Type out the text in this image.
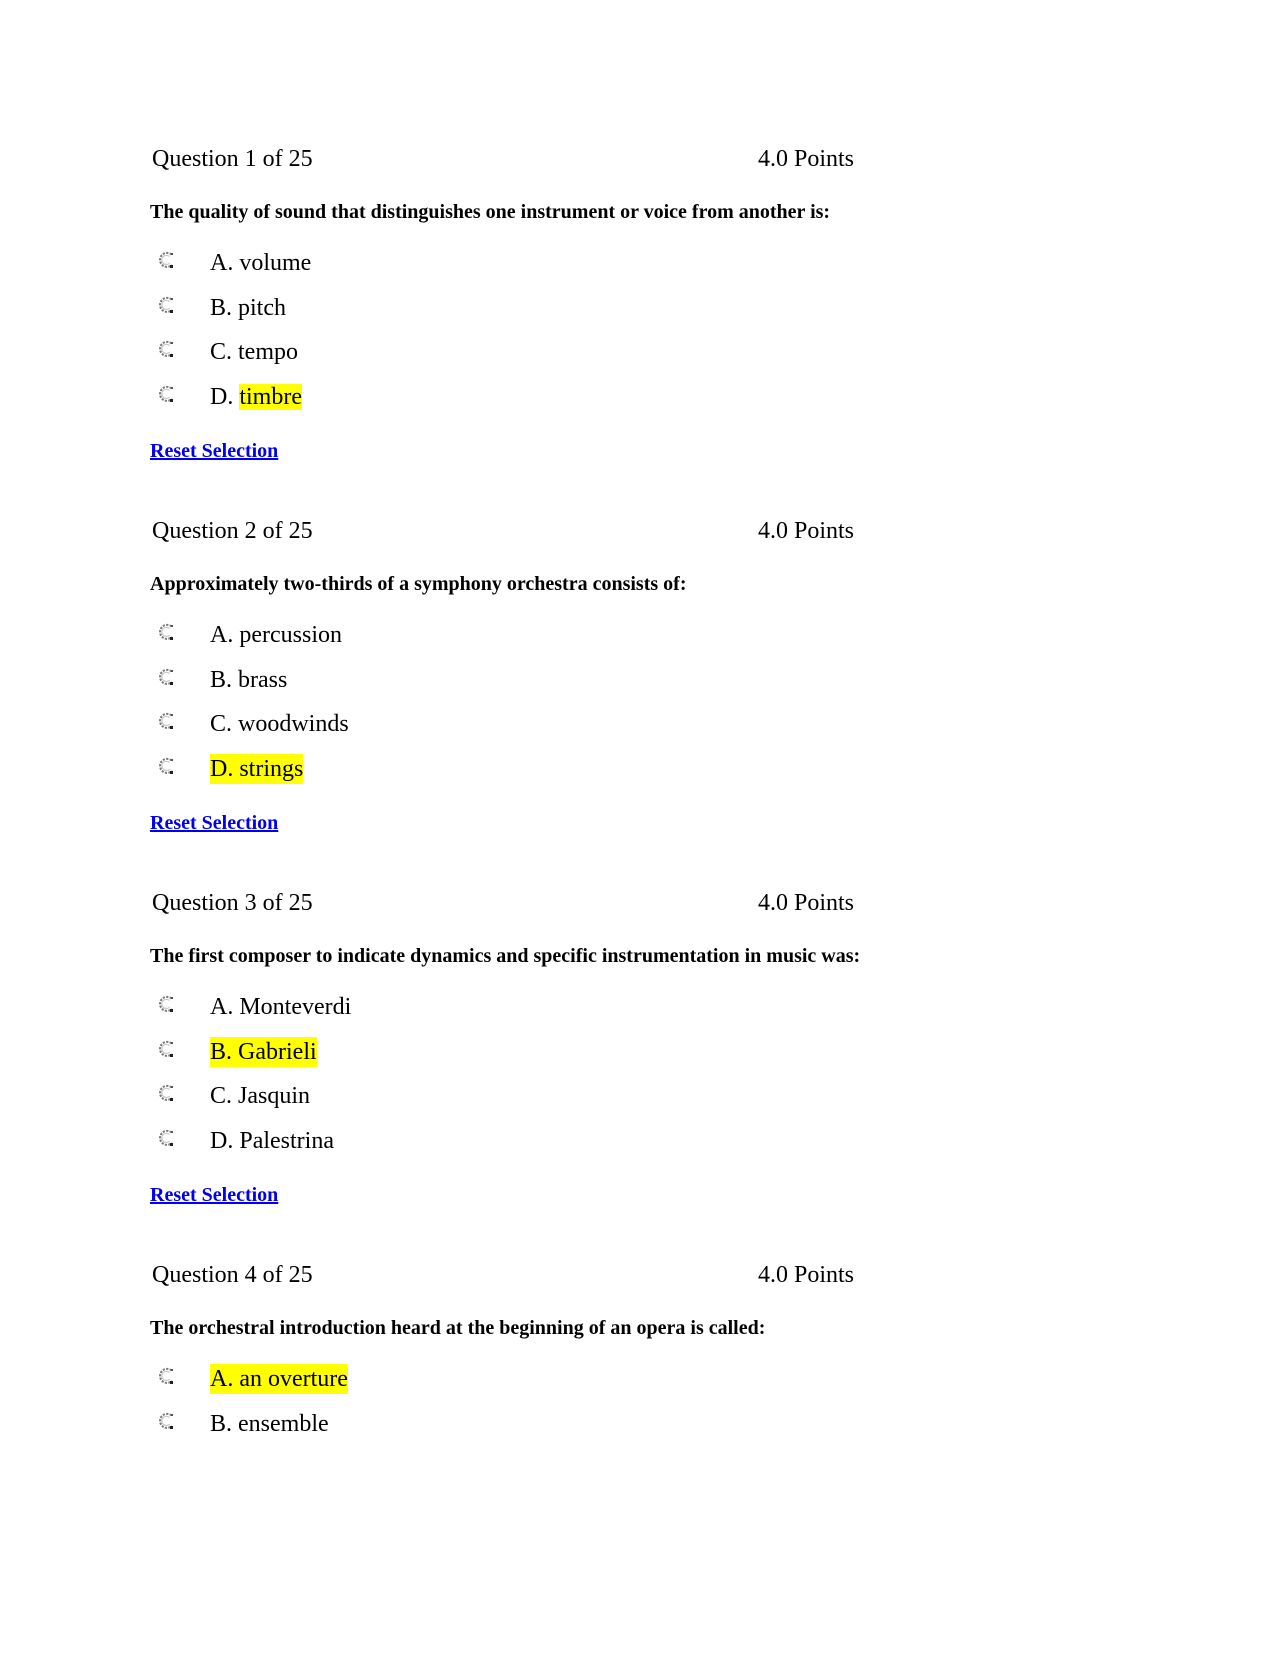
Question 1 of 25	4.0 Points
The quality of sound that distinguishes one instrument or voice from another is:
A. volume
B. pitch
C. tempo
D. timbre
Reset Selection
Question 2 of 25	4.0 Points
Approximately two-thirds of a symphony orchestra consists of:
A. percussion
B. brass
C. woodwinds
D. strings
Reset Selection
Question 3 of 25	4.0 Points
The first composer to indicate dynamics and specific instrumentation in music was:
A. Monteverdi
B. Gabrieli
C. Jasquin
D. Palestrina
Reset Selection
Question 4 of 25	4.0 Points
The orchestral introduction heard at the beginning of an opera is called:
A. an overture
B. ensemble
